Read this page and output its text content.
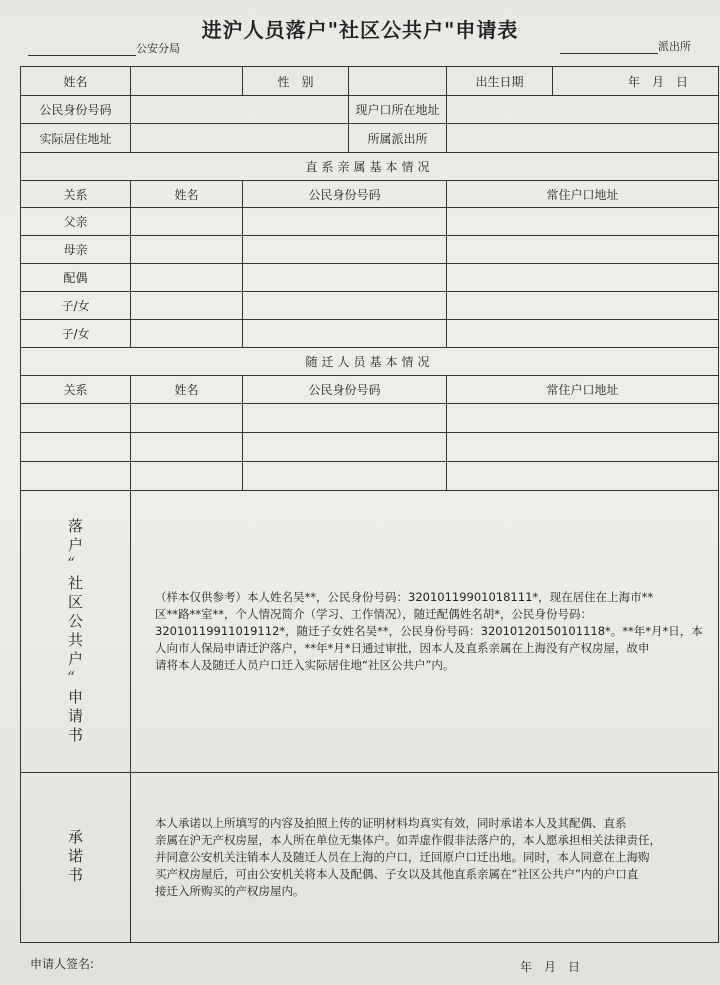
进沪人员落户"社区公共户"申请表
公安分局	派出所
姓名		性　别		出生日期	年　月　日
公民身份号码			现户口所在地址		
实际居住地址			所属派出所		
直系亲属基本情况					
关系	姓名	公民身份号码		常住户口地址	
父亲					
母亲					
配偶					
子/女					
子/女					
随迁人员基本情况					
关系	姓名	公民身份号码		常住户口地址	

落户〞社区公共户〞申请书	（样本仅供参考）本人姓名吴**，公民身份号码：32010119901018111*，现在居住在上海市**
区**路**室**，个人情况简介（学习、工作情况），随迁配偶姓名胡*，公民身份号码：
32010119911019112*，随迁子女姓名吴**，公民身份号码：32010120150101118*。**年*月*日，本
人向市人保局申请迁沪落户，**年*月*日通过审批，因本人及直系亲属在上海没有产权房屋，故申
请将本人及随迁人员户口迁入实际居住地“社区公共户”内。				

承诺书	本人承诺以上所填写的内容及拍照上传的证明材料均真实有效，同时承诺本人及其配偶、直系
亲属在沪无产权房屋，本人所在单位无集体户。如弄虚作假非法落户的，本人愿承担相关法律责任，
并同意公安机关注销本人及随迁人员在上海的户口，迁回原户口迁出地。同时，本人同意在上海购
买产权房屋后，可由公安机关将本人及配偶、子女以及其他直系亲属在“社区公共户”内的户口直
接迁入所购买的产权房屋内。				
申请人签名:	年　月　日
